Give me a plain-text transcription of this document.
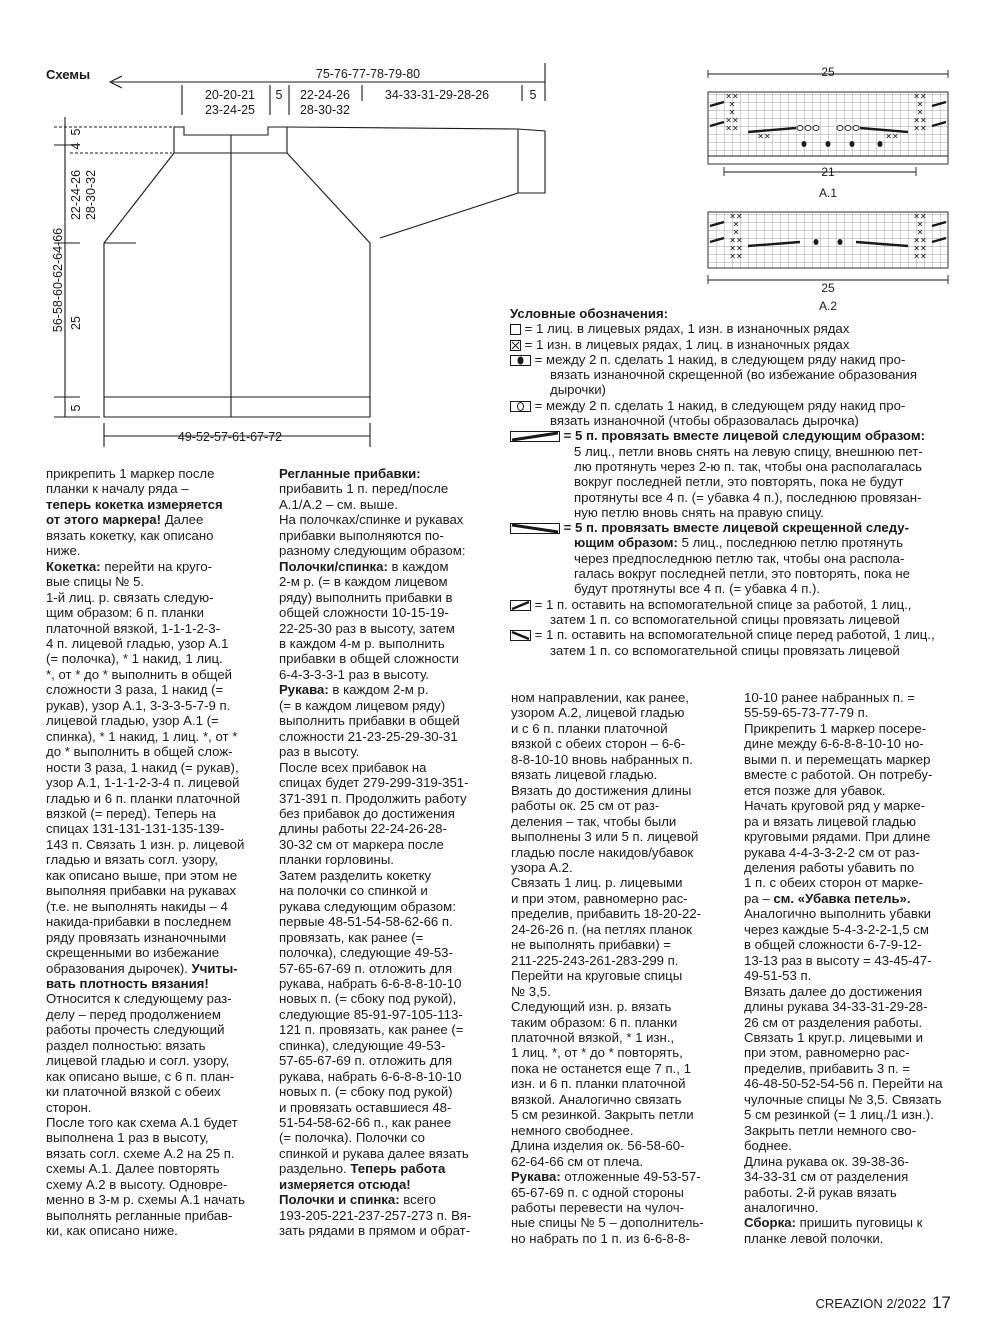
Схемы	75-76-77-78-79-80
20-20-21
23-24-25
5 22-24-26
28-30-32
34-33-31-29-28-26	5
5
4
22-24-26 28-30-32
56-58-60-62-64-66 25
5
49-52-57-61-67-72
25
✕✕
✕
✕
✕✕
✕✕
✕✕
✕
✕
✕✕
✕✕
✕✕	✕✕
21
A.1
✕✕
✕
✕
✕✕
✕✕
✕✕
✕✕
✕
✕
✕✕
✕✕
✕✕
25
A.2
Условные обозначения:
= 1 лиц. в лицевых рядах, 1 изн. в изнаночных рядах
= 1 изн. в лицевых рядах, 1 лиц. в изнаночных рядах
= между 2 п. сделать 1 накид, в следующем ряду накид про-
вязать изнаночной скрещенной (во избежание образования
дырочки)
= между 2 п. сделать 1 накид, в следующем ряду накид про-
вязать изнаночной (чтобы образовалась дырочка)
= 5 п. провязать вместе лицевой следующим образом:
5 лиц., петли вновь снять на левую спицу, внешнюю пет-
лю протянуть через 2-ю п. так, чтобы она располагалась
вокруг последней петли, это повторять, пока не будут
протянуты все 4 п. (= убавка 4 п.), последнюю провязан-
ную петлю вновь снять на правую спицу.
= 5 п. провязать вместе лицевой скрещенной следу-
ющим образом: 5 лиц., последнюю петлю протянуть
через предпоследнюю петлю так, чтобы она распола-
галась вокруг последней петли, это повторять, пока не
будут протянуты все 4 п. (= убавка 4 п.).
= 1 п. оставить на вспомогательной спице за работой, 1 лиц.,
затем 1 п. со вспомогательной спицы провязать лицевой
= 1 п. оставить на вспомогательной спице перед работой, 1 лиц.,
затем 1 п. со вспомогательной спицы провязать лицевой

прикрепить 1 маркер после

планки к началу ряда –

теперь кокетка измеряется

от этого маркера! Далее

вязать кокетку, как описано

ниже.

Кокетка: перейти на круго-

вые спицы № 5.

1-й лиц. р. связать следую-

щим образом: 6 п. планки

платочной вязкой, 1-1-1-2-3-

4 п. лицевой гладью, узор A.1

(= полочка), * 1 накид, 1 лиц.

*, от * до * выполнить в общей

сложности 3 раза, 1 накид (=

рукав), узор A.1, 3-3-3-5-7-9 п.

лицевой гладью, узор A.1 (=

спинка), * 1 накид, 1 лиц. *, от *

до * выполнить в общей слож-

ности 3 раза, 1 накид (= рукав),

узор A.1, 1-1-1-2-3-4 п. лицевой

гладью и 6 п. планки платочной

вязкой (= перед). Теперь на

спицах 131-131-131-135-139-

143 п. Связать 1 изн. р. лицевой

гладью и вязать согл. узору,

как описано выше, при этом не

выполняя прибавки на рукавах

(т.е. не выполнять накиды – 4

накида-прибавки в последнем

ряду провязать изнаночными

скрещенными во избежание

образования дырочек). Учиты-

вать плотность вязания!

Относится к следующему раз-

делу – перед продолжением

работы прочесть следующий

раздел полностью: вязать

лицевой гладью и согл. узору,

как описано выше, с 6 п. план-

ки платочной вязкой с обеих

сторон.

После того как схема A.1 будет

выполнена 1 раз в высоту,

вязать согл. схеме A.2 на 25 п.

схемы A.1. Далее повторять

схему A.2 в высоту. Одновре-

менно в 3-м р. схемы A.1 начать

выполнять регланные прибав-

ки, как описано ниже.

Регланные прибавки:

прибавить 1 п. перед/после

A.1/A.2 – см. выше.

На полочках/спинке и рукавах

прибавки выполняются по-

разному следующим образом:

Полочки/спинка: в каждом

2-м р. (= в каждом лицевом

ряду) выполнить прибавки в

общей сложности 10-15-19-

22-25-30 раз в высоту, затем

в каждом 4-м р. выполнить

прибавки в общей сложности

6-4-3-3-3-1 раз в высоту.

Рукава: в каждом 2-м р.

(= в каждом лицевом ряду)

выполнить прибавки в общей

сложности 21-23-25-29-30-31

раз в высоту.

После всех прибавок на

спицах будет 279-299-319-351-

371-391 п. Продолжить работу

без прибавок до достижения

длины работы 22-24-26-28-

30-32 см от маркера после

планки горловины.

Затем разделить кокетку

на полочки со спинкой и

рукава следующим образом:

первые 48-51-54-58-62-66 п.

провязать, как ранее (=

полочка), следующие 49-53-

57-65-67-69 п. отложить для

рукава, набрать 6-6-8-8-10-10

новых п. (= сбоку под рукой),

следующие 85-91-97-105-113-

121 п. провязать, как ранее (=

спинка), следующие 49-53-

57-65-67-69 п. отложить для

рукава, набрать 6-6-8-8-10-10

новых п. (= сбоку под рукой)

и провязать оставшиеся 48-

51-54-58-62-66 п., как ранее

(= полочка). Полочки со

спинкой и рукава далее вязать

раздельно. Теперь работа

измеряется отсюда!

Полочки и спинка: всего

193-205-221-237-257-273 п. Вя-

зать рядами в прямом и обрат-

ном направлении, как ранее,

узором A.2, лицевой гладью

и с 6 п. планки платочной

вязкой с обеих сторон – 6-6-

8-8-10-10 вновь набранных п.

вязать лицевой гладью.

Вязать до достижения длины

работы ок. 25 см от раз-

деления – так, чтобы были

выполнены 3 или 5 п. лицевой

гладью после накидов/убавок

узора A.2.

Связать 1 лиц. р. лицевыми

и при этом, равномерно рас-

пределив, прибавить 18-20-22-

24-26-26 п. (на петлях планок

не выполнять прибавки) =

211-225-243-261-283-299 п.

Перейти на круговые спицы

№ 3,5.

Следующий изн. р. вязать

таким образом: 6 п. планки

платочной вязкой, * 1 изн.,

1 лиц. *, от * до * повторять,

пока не останется еще 7 п., 1

изн. и 6 п. планки платочной

вязкой. Аналогично связать

5 см резинкой. Закрыть петли

немного свободнее.

Длина изделия ок. 56-58-60-

62-64-66 см от плеча.

Рукава: отложенные 49-53-57-

65-67-69 п. с одной стороны

работы перевести на чулоч-

ные спицы № 5 – дополнитель-

но набрать по 1 п. из 6-6-8-8-

10-10 ранее набранных п. =

55-59-65-73-77-79 п.

Прикрепить 1 маркер посере-

дине между 6-6-8-8-10-10 но-

выми п. и перемещать маркер

вместе с работой. Он потребу-

ется позже для убавок.

Начать круговой ряд у марке-

ра и вязать лицевой гладью

круговыми рядами. При длине

рукава 4-4-3-3-2-2 см от раз-

деления работы убавить по

1 п. с обеих сторон от марке-

ра – см. «Убавка петель».

Аналогично выполнить убавки

через каждые 5-4-3-2-2-1,5 см

в общей сложности 6-7-9-12-

13-13 раз в высоту = 43-45-47-

49-51-53 п.

Вязать далее до достижения

длины рукава 34-33-31-29-28-

26 см от разделения работы.

Связать 1 круг.р. лицевыми и

при этом, равномерно рас-

пределив, прибавить 3 п. =

46-48-50-52-54-56 п. Перейти на

чулочные спицы № 3,5. Связать

5 см резинкой (= 1 лиц./1 изн.).

Закрыть петли немного сво-

боднее.

Длина рукава ок. 39-38-36-

34-33-31 см от разделения

работы. 2-й рукав вязать

аналогично.

Сборка: пришить пуговицы к

планке левой полочки.

CREAZION 2/2022 17
